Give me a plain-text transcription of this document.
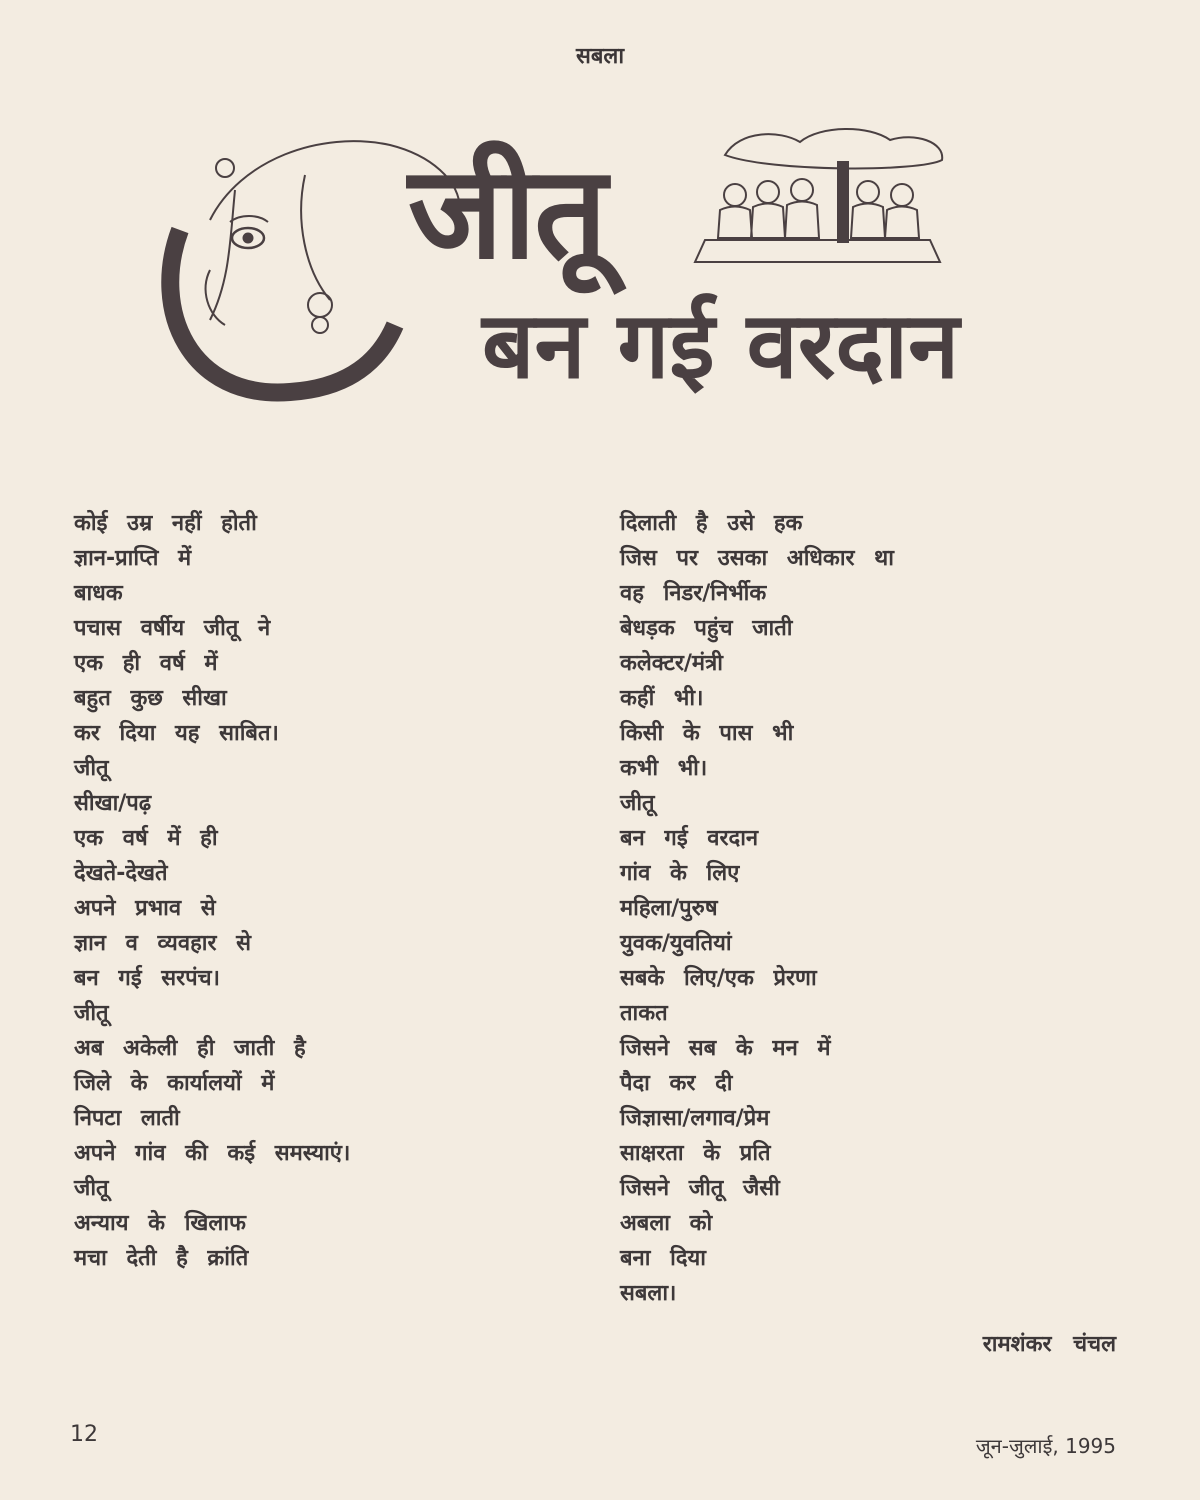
सबला
जीतू
बन गई वरदान
कोई उम्र नहीं होती
ज्ञान-प्राप्ति में
बाधक
पचास वर्षीय जीतू ने
एक ही वर्ष में
बहुत कुछ सीखा
कर दिया यह साबित।
जीतू
सीखा/पढ़
एक वर्ष में ही
देखते-देखते
अपने प्रभाव से
ज्ञान व व्यवहार से
बन गई सरपंच।
जीतू
अब अकेली ही जाती है
जिले के कार्यालयों में
निपटा लाती
अपने गांव की कई समस्याएं।
जीतू
अन्याय के खिलाफ
मचा देती है क्रांति
दिलाती है उसे हक
जिस पर उसका अधिकार था
वह निडर/निर्भीक
बेधड़क पहुंच जाती
कलेक्टर/मंत्री
कहीं भी।
किसी के पास भी
कभी भी।
जीतू
बन गई वरदान
गांव के लिए
महिला/पुरुष
युवक/युवतियां
सबके लिए/एक प्रेरणा
ताकत
जिसने सब के मन में
पैदा कर दी
जिज्ञासा/लगाव/प्रेम
साक्षरता के प्रति
जिसने जीतू जैसी
अबला को
बना दिया
सबला।
रामशंकर चंचल
12	जून-जुलाई, 1995
